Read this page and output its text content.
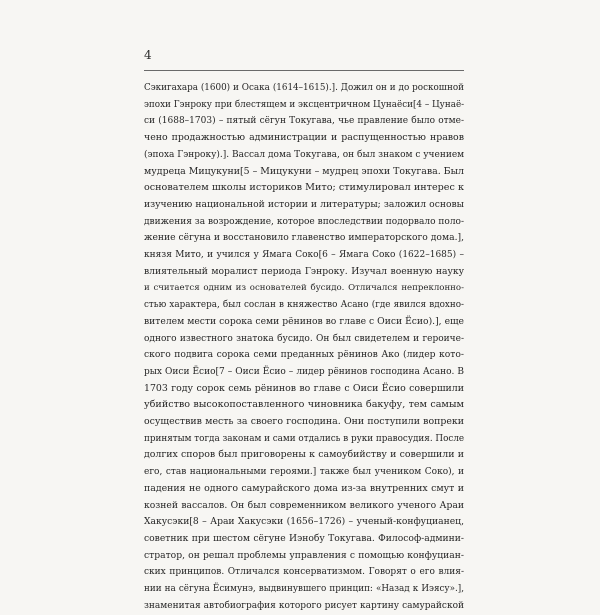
4
Сэкигахара (1600) и Осака (1614–1615).]. Дожил он и до роскошной
эпохи Гэнроку при блестящем и эксцентричном Цунаёси[4 – Цунаё-
си (1688–1703) – пятый сёгун Токугава, чье правление было отме-
чено продажностью администрации и распущенностью нравов
(эпоха Гэнроку).]. Вассал дома Токугава, он был знаком с учением
мудреца Мицукуни[5 – Мицукуни – мудрец эпохи Токугава. Был
основателем школы историков Мито; стимулировал интерес к
изучению национальной истории и литературы; заложил основы
движения за возрождение, которое впоследствии подорвало поло-
жение сёгуна и восстановило главенство императорского дома.],
князя Мито, и учился у Ямага Соко[6 – Ямага Соко (1622–1685) –
влиятельный моралист периода Гэнроку. Изучал военную науку
и считается одним из основателей бусидо. Отличался непреклонно-
стью характера, был сослан в княжество Асано (где явился вдохно-
вителем мести сорока семи рёнинов во главе с Оиси Ёсио).], еще
одного известного знатока бусидо. Он был свидетелем и героиче-
ского подвига сорока семи преданных рёнинов Ако (лидер кото-
рых Оиси Ёсио[7 – Оиси Ёсио – лидер рёнинов господина Асано. В
1703 году сорок семь рёнинов во главе с Оиси Ёсио совершили
убийство высокопоставленного чиновника бакуфу, тем самым
осуществив месть за своего господина. Они поступили вопреки
принятым тогда законам и сами отдались в руки правосудия. После
долгих споров был приговорены к самоубийству и совершили и
его, став национальными героями.] также был учеником Соко), и
падения не одного самурайского дома из-за внутренних смут и
козней вассалов. Он был современником великого ученого Араи
Хакусэки[8 – Араи Хакусэки (1656–1726) – ученый-конфуцианец,
советник при шестом сёгуне Иэнобу Токугава. Философ-админи-
стратор, он решал проблемы управления с помощью конфуциан-
ских принципов. Отличался консерватизмом. Говорят о его влия-
нии на сёгуна Ёсимунэ, выдвинувшего принцип: «Назад к Иэясу».],
знаменитая автобиография которого рисует картину самурайской
